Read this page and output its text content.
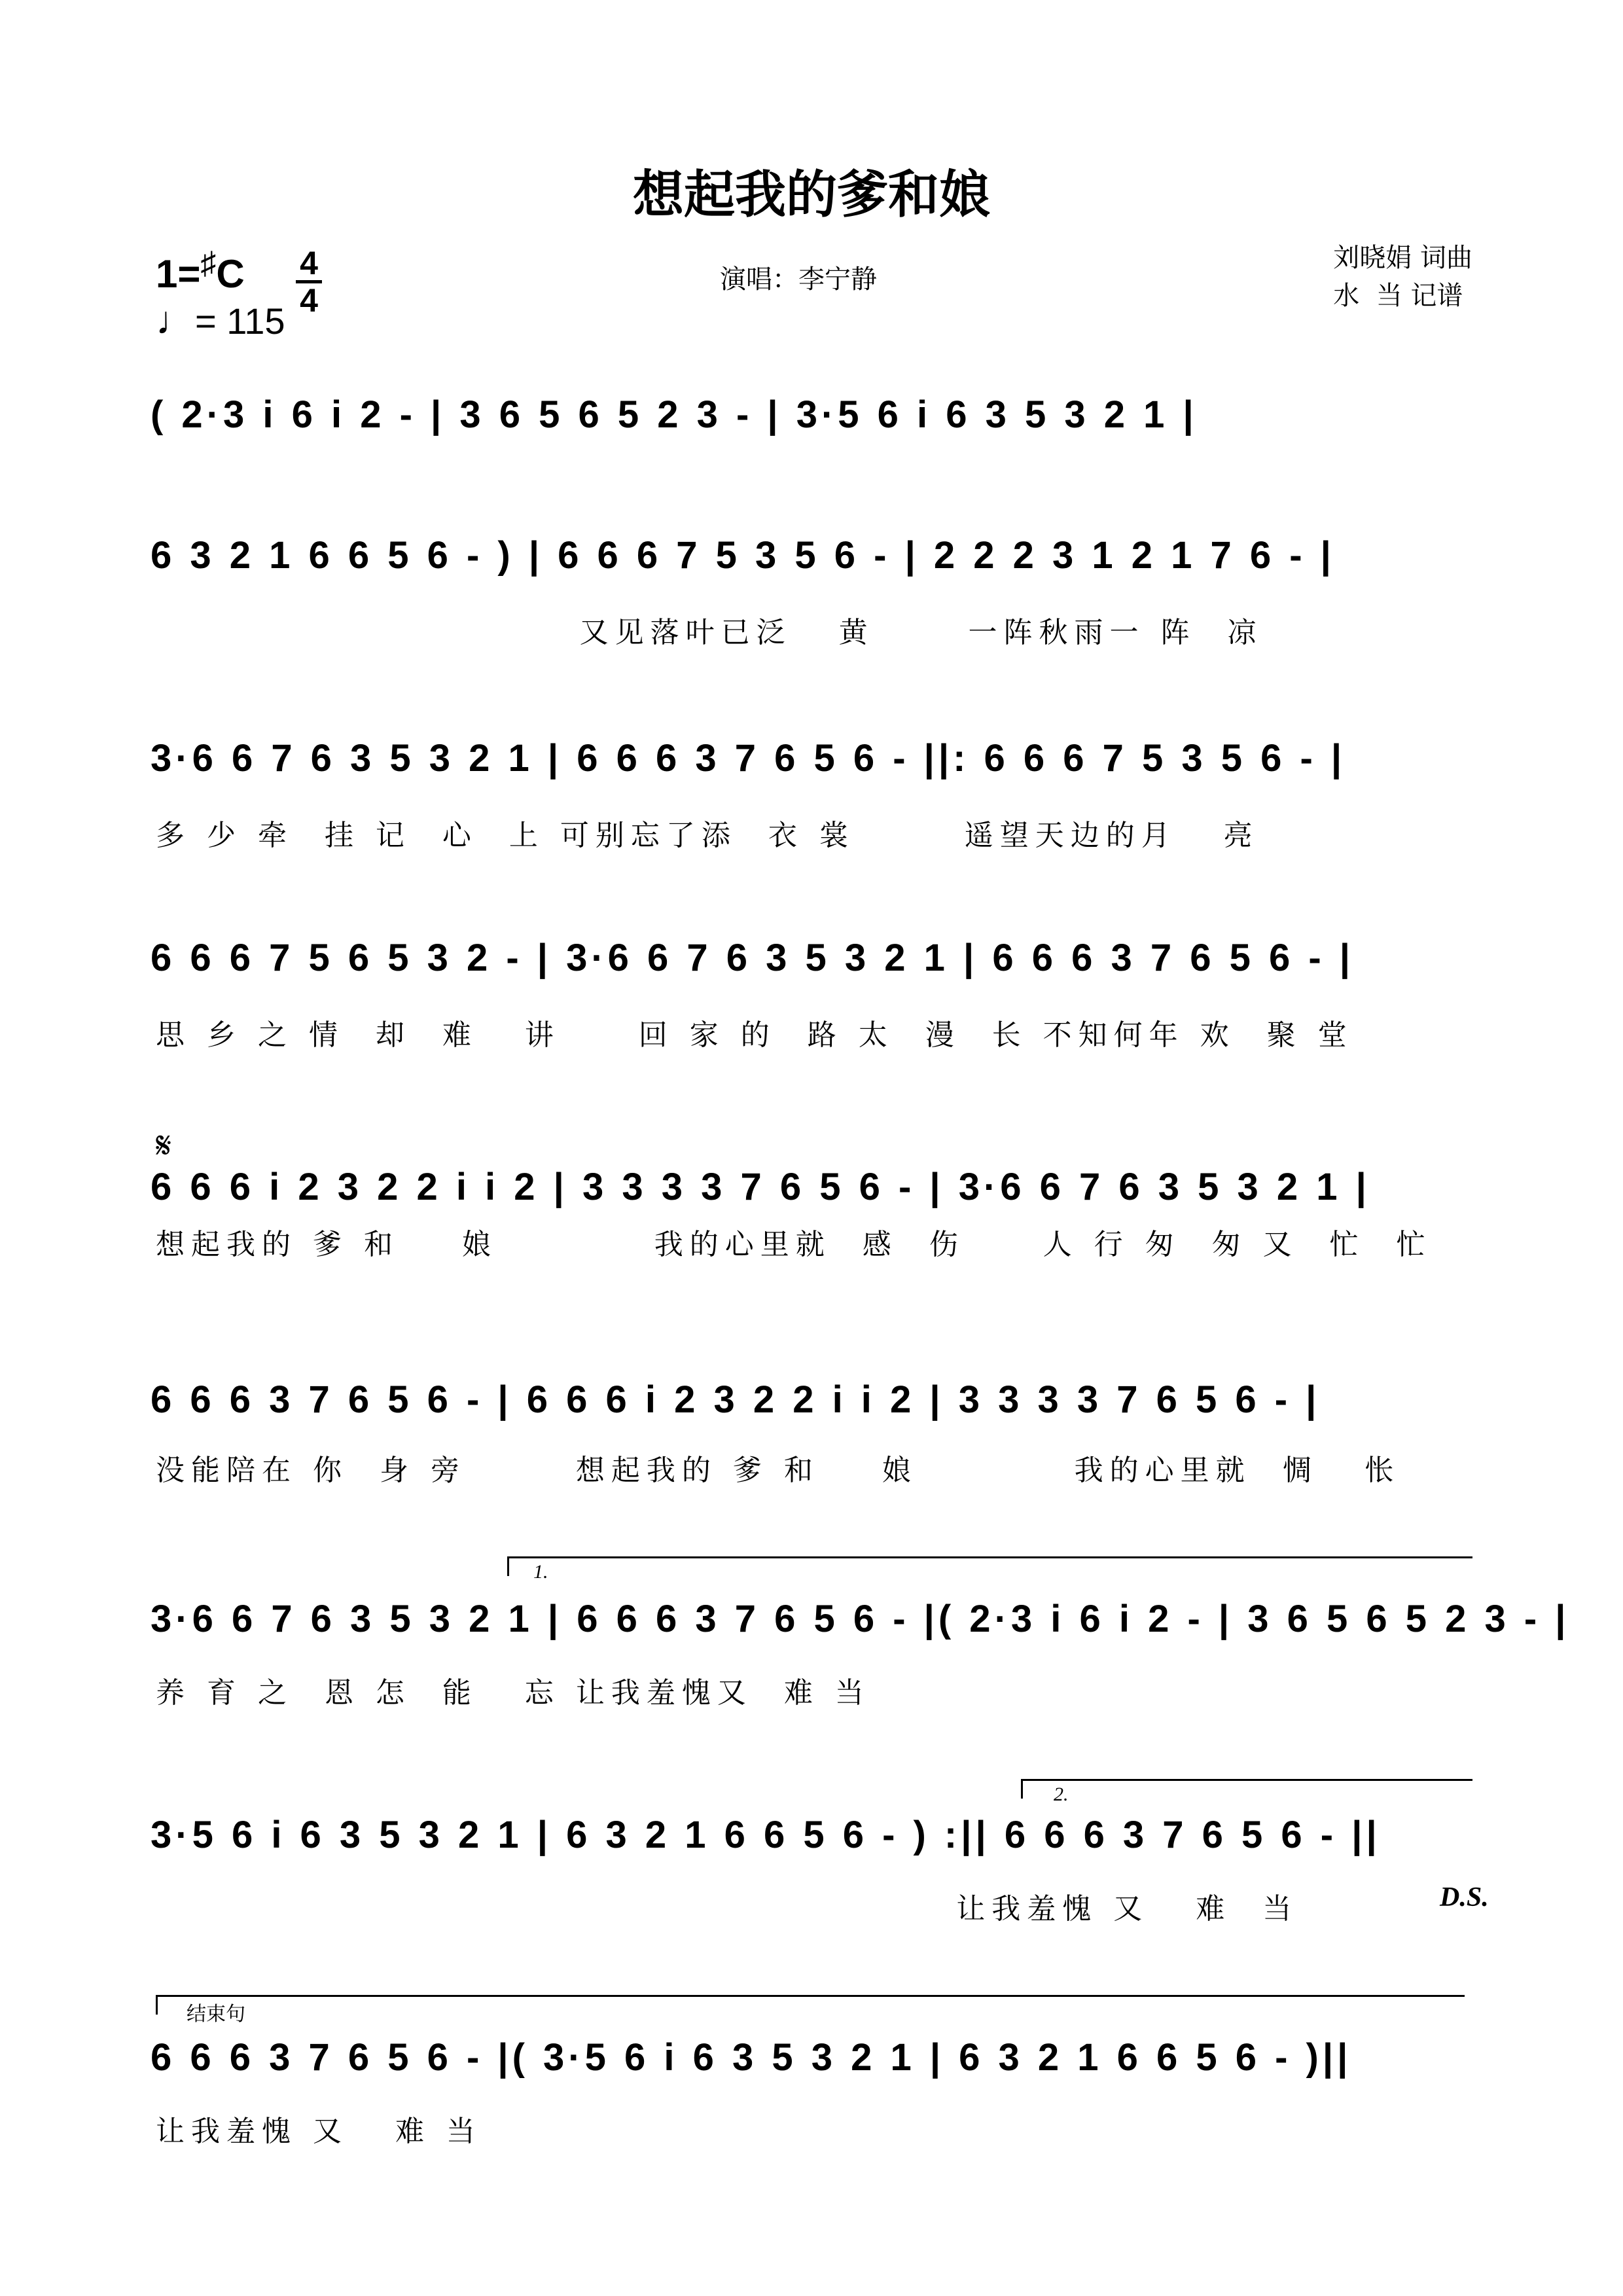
想起我的爹和娘
1=♯C
♩= 115
4
4
演唱：李宁静
刘晓娟 词曲
水  当 记谱
( 2·3 i 6 i 2 - | 3 6 5 6 5 2 3 - | 3·5 6 i 6 3 5 3 2 1 |
6 3 2 1 6 6 5 6 - ) | 6 6 6 7 5 3 5 6 - | 2 2 2 3 1 2 1 7 6 - |
又见落叶已泛   黄      一阵秋雨一 阵  凉
3·6 6 7 6 3 5 3 2 1 | 6 6 6 3 7 6 5 6 - ||: 6 6 6 7 5 3 5 6 - |
多 少 牵  挂 记  心  上 可别忘了添  衣 裳       遥望天边的月   亮
6 6 6 7 5 6 5 3 2 - | 3·6 6 7 6 3 5 3 2 1 | 6 6 6 3 7 6 5 6 - |
思 乡 之 情  却  难   讲     回 家 的  路 太  漫  长 不知何年 欢  聚 堂
𝄋
6 6 6 i 2 3 2 2 i i 2 | 3 3 3 3 7 6 5 6 - | 3·6 6 7 6 3 5 3 2 1 |
想起我的 爹 和    娘          我的心里就  感  伤     人 行 匆  匆 又  忙  忙
6 6 6 3 7 6 5 6 - | 6 6 6 i 2 3 2 2 i i 2 | 3 3 3 3 7 6 5 6 - |
没能陪在 你  身 旁       想起我的 爹 和    娘          我的心里就  惆   怅
1.
3·6 6 7 6 3 5 3 2 1 | 6 6 6 3 7 6 5 6 - |( 2·3 i 6 i 2 - | 3 6 5 6 5 2 3 - |
养 育 之  恩 怎  能   忘 让我羞愧又  难 当
2.
3·5 6 i 6 3 5 3 2 1 | 6 3 2 1 6 6 5 6 - ) :|| 6 6 6 3 7 6 5 6 - ||
让我羞愧 又   难  当	D.S.
结束句
6 6 6 3 7 6 5 6 - |( 3·5 6 i 6 3 5 3 2 1 | 6 3 2 1 6 6 5 6 - )||
让我羞愧 又   难 当
